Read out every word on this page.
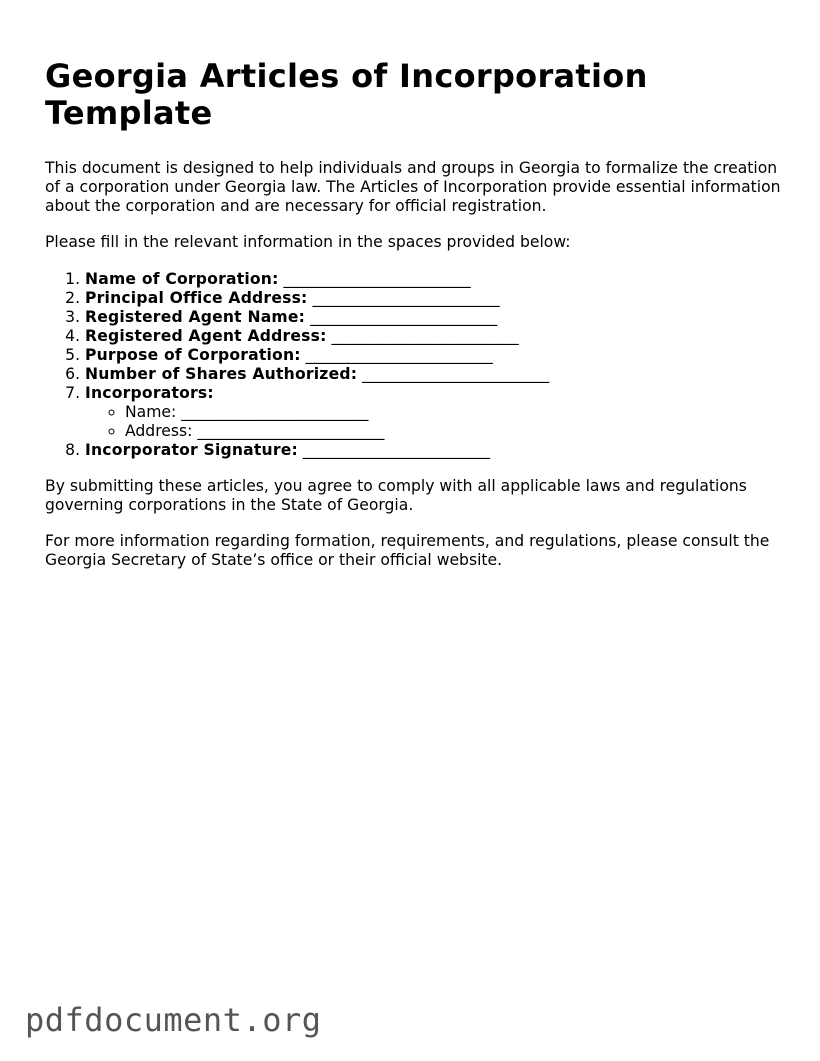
Georgia Articles of Incorporation Template

This document is designed to help individuals and groups in Georgia to formalize the creation of a corporation under Georgia law. The Articles of Incorporation provide essential information about the corporation and are necessary for official registration.

Please fill in the relevant information in the spaces provided below:

1. Name of Corporation: ________________________
2. Principal Office Address: ________________________
3. Registered Agent Name: ________________________
4. Registered Agent Address: ________________________
5. Purpose of Corporation: ________________________
6. Number of Shares Authorized: ________________________
7. Incorporators:
◦ Name: ________________________
◦ Address: ________________________
8. Incorporator Signature: ________________________

By submitting these articles, you agree to comply with all applicable laws and regulations governing corporations in the State of Georgia.

For more information regarding formation, requirements, and regulations, please consult the Georgia Secretary of State’s office or their official website.

pdfdocument.org
